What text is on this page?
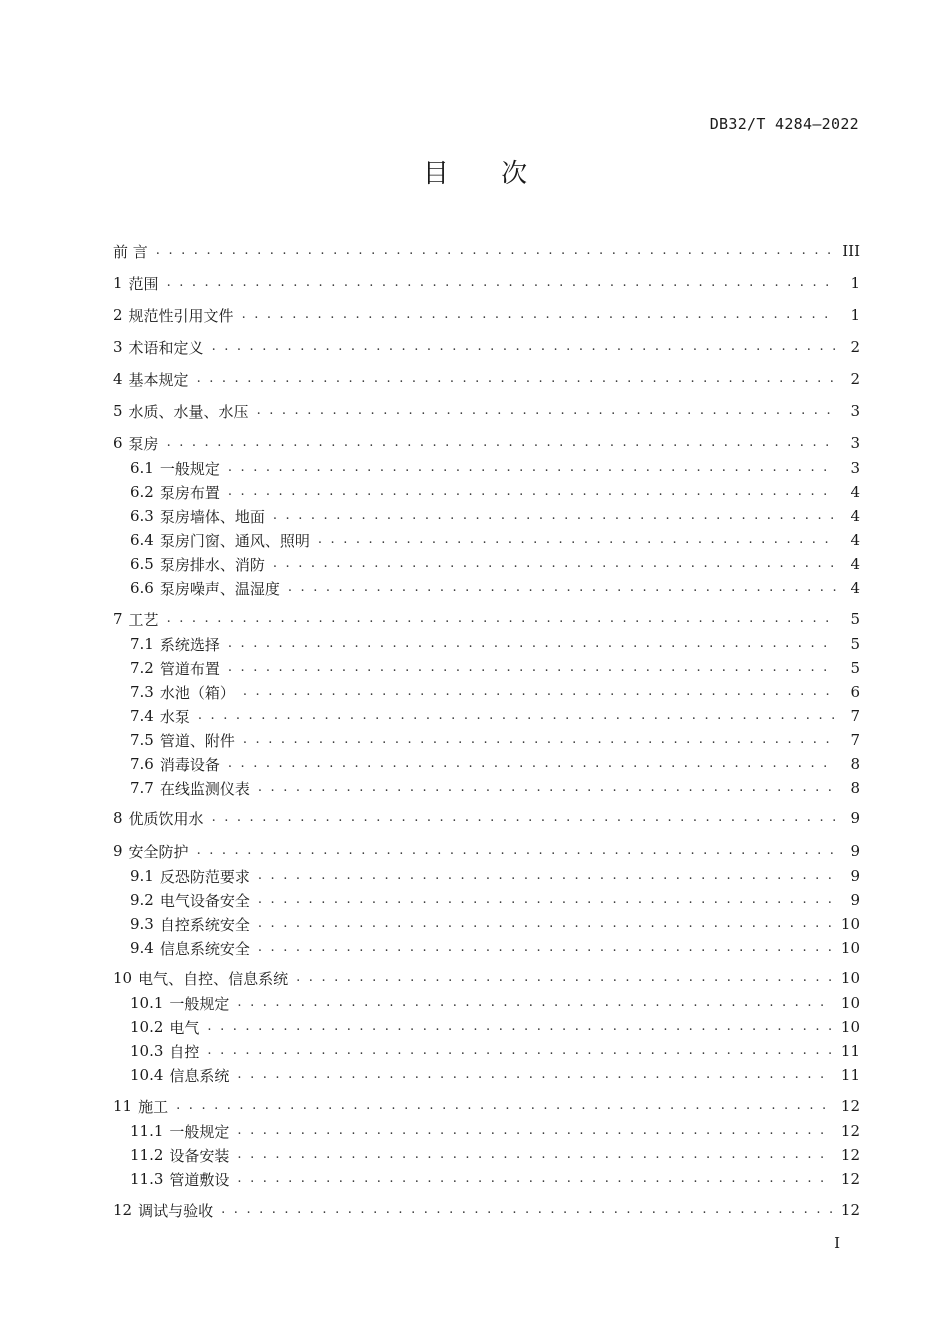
DB32/T 4284—2022
目 次
前 言 . . .	III
1 范围 . . .	1
2 规范性引用文件 . . .	1
3 术语和定义 . . .	2
4 基本规定 . . .	2
5 水质、水量、水压 . . .	3
6 泵房 . . .	3
6.1 一般规定 . . .	3
6.2 泵房布置 . . .	4
6.3 泵房墙体、地面 . . .	4
6.4 泵房门窗、通风、照明 . . .	4
6.5 泵房排水、消防 . . .	4
6.6 泵房噪声、温湿度 . . .	4
7 工艺 . . .	5
7.1 系统选择 . . .	5
7.2 管道布置 . . .	5
7.3 水池（箱） . . .	6
7.4 水泵 . . .	7
7.5 管道、附件 . . .	7
7.6 消毒设备 . . .	8
7.7 在线监测仪表 . . .	8
8 优质饮用水 . . .	9
9 安全防护 . . .	9
9.1 反恐防范要求 . . .	9
9.2 电气设备安全 . . .	9
9.3 自控系统安全 . . .	10
9.4 信息系统安全 . . .	10
10 电气、自控、信息系统 . . .	10
10.1 一般规定 . . .	10
10.2 电气 . . .	10
10.3 自控 . . .	11
10.4 信息系统 . . .	11
11 施工 . . .	12
11.1 一般规定 . . .	12
11.2 设备安装 . . .	12
11.3 管道敷设 . . .	12
12 调试与验收 . . .	12
I
